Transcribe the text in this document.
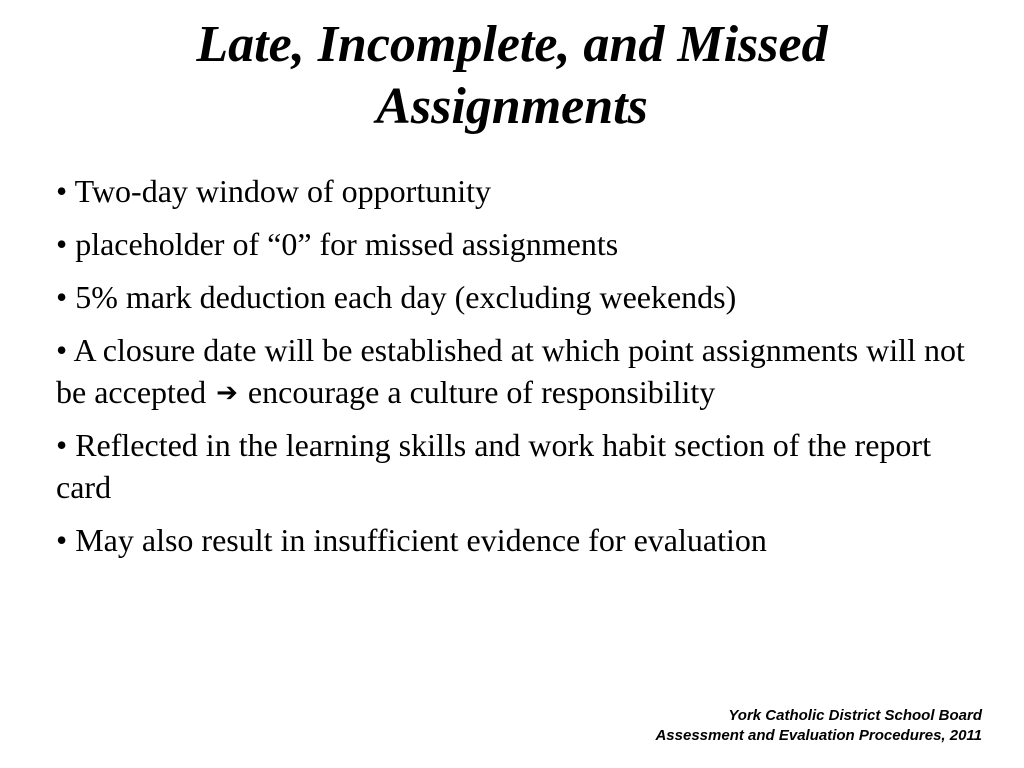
Late, Incomplete, and Missed
Assignments
• Two-day window of opportunity
• placeholder of “0” for missed assignments
• 5% mark deduction each day (excluding weekends)
• A closure date will be established at which point assignments will not be accepted ➔ encourage a culture of responsibility
• Reflected in the learning skills and work habit section of the report card
• May also result in insufficient evidence for evaluation
York Catholic District School Board
Assessment and Evaluation Procedures, 2011
